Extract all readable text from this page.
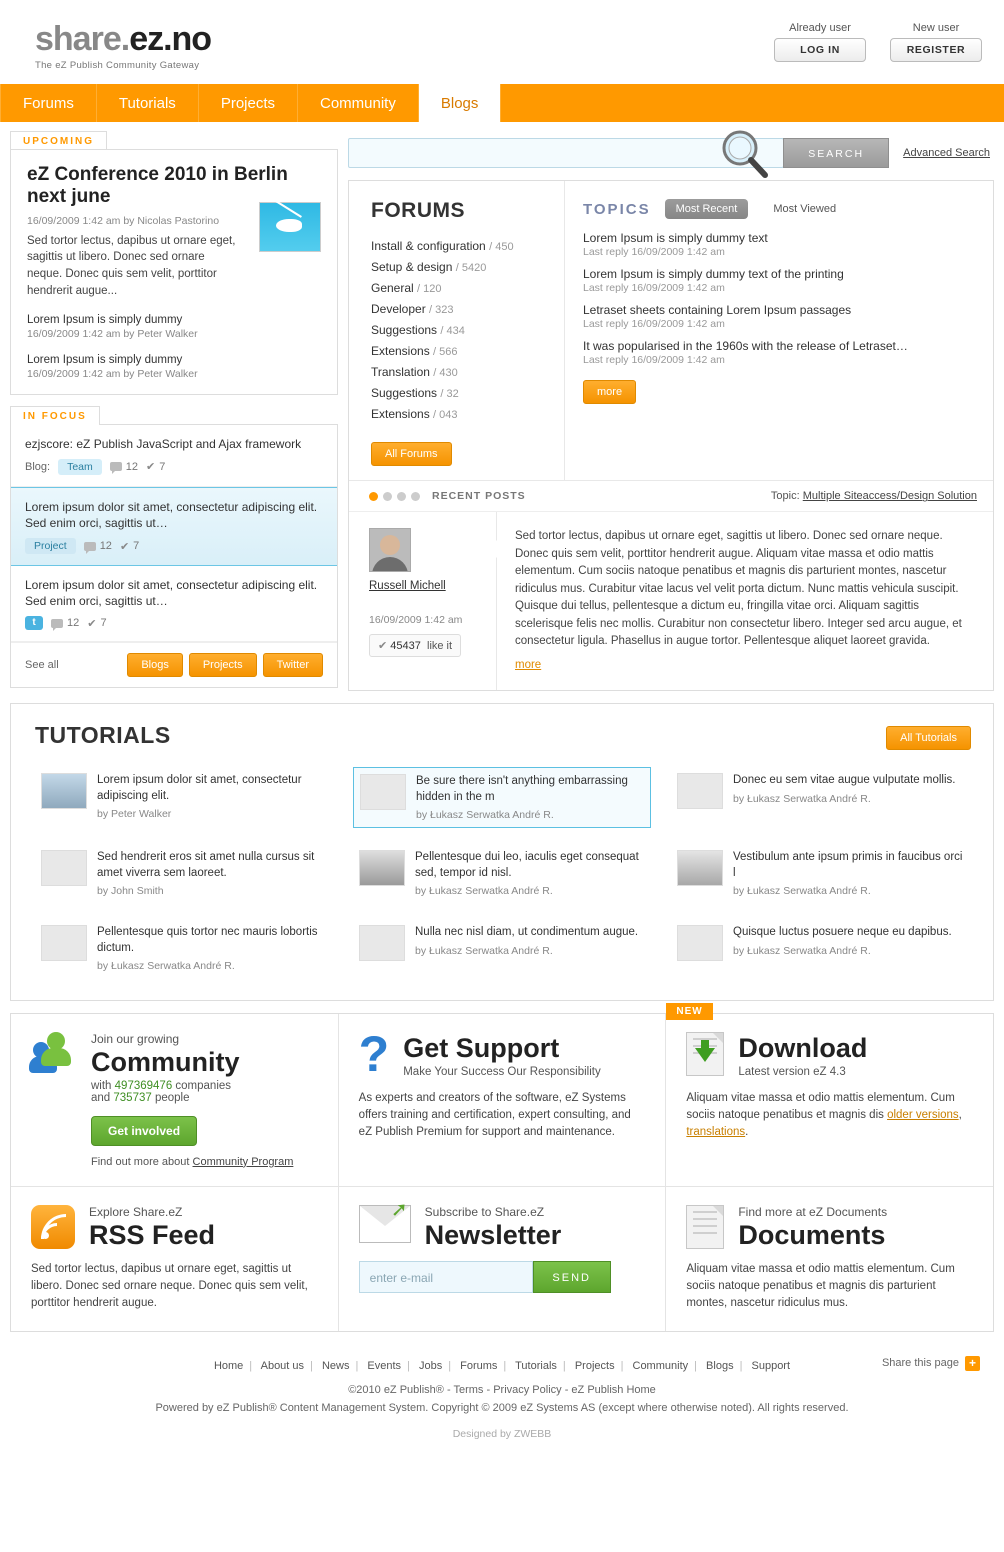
share.ez.no
The eZ Publish Community Gateway
Already user
LOG IN
New user
REGISTER
Forums	Tutorials	Projects	Community	Blogs
UPCOMING
eZ Conference 2010 in Berlin next june
16/09/2009 1:42 am by Nicolas Pastorino

Sed tortor lectus, dapibus ut ornare eget, sagittis ut libero. Donec sed ornare neque. Donec quis sem velit, porttitor hendrerit augue...

Lorem Ipsum is simply dummy
16/09/2009 1:42 am by Peter Walker
Lorem Ipsum is simply dummy
16/09/2009 1:42 am by Peter Walker
IN FOCUS
ezjscore: eZ Publish JavaScript and Ajax framework
Blog:	Team	12 ✔ 7
Lorem ipsum dolor sit amet, consectetur adipiscing elit. Sed enim orci, sagittis ut…
Project	12 ✔ 7
Lorem ipsum dolor sit amet, consectetur adipiscing elit. Sed enim orci, sagittis ut…
t	12 ✔ 7
See all	Blogs	Projects	Twitter
SEARCH	Advanced Search
FORUMS
Install & configuration / 450
Setup & design / 5420
General / 120
Developer / 323
Suggestions / 434
Extensions / 566
Translation / 430
Suggestions / 32
Extensions / 043
All Forums
TOPICS	Most Recent	Most Viewed
Lorem Ipsum is simply dummy text
Last reply 16/09/2009 1:42 am
Lorem Ipsum is simply dummy text of the printing
Last reply 16/09/2009 1:42 am
Letraset sheets containing Lorem Ipsum passages
Last reply 16/09/2009 1:42 am
It was popularised in the 1960s with the release of Letraset…
Last reply 16/09/2009 1:42 am
more
RECENT POSTS	Topic: Multiple Siteaccess/Design Solution
Russell Michell
16/09/2009 1:42 am
✔ 45437 like it
Sed tortor lectus, dapibus ut ornare eget, sagittis ut libero. Donec sed ornare neque. Donec quis sem velit, porttitor hendrerit augue. Aliquam vitae massa et odio mattis elementum. Cum sociis natoque penatibus et magnis dis parturient montes, nascetur ridiculus mus. Curabitur vitae lacus vel velit porta dictum. Nunc mattis vehicula suscipit. Quisque dui tellus, pellentesque a dictum eu, fringilla vitae orci. Aliquam sagittis scelerisque felis nec mollis. Curabitur non consectetur libero. Integer sed arcu augue, et consectetur ligula. Phasellus in augue tortor. Pellentesque aliquet laoreet gravida.
more
TUTORIALS	All Tutorials
Lorem ipsum dolor sit amet, consectetur adipiscing elit.
by Peter Walker
Be sure there isn't anything embarrassing hidden in the m
by Łukasz Serwatka André R.
Donec eu sem vitae augue vulputate mollis.
by Łukasz Serwatka André R.
Sed hendrerit eros sit amet nulla cursus sit amet viverra sem laoreet.
by John Smith
Pellentesque dui leo, iaculis eget consequat sed, tempor id nisl.
by Łukasz Serwatka André R.
Vestibulum ante ipsum primis in faucibus orci l
by Łukasz Serwatka André R.
Pellentesque quis tortor nec mauris lobortis dictum.
by Łukasz Serwatka André R.
Nulla nec nisl diam, ut condimentum augue.
by Łukasz Serwatka André R.
Quisque luctus posuere neque eu dapibus.
by Łukasz Serwatka André R.
Join our growing
Community
with 497369476 companies
and 735737 people
Get involved
Find out more about Community Program
? Get Support
Make Your Success Our Responsibility
As experts and creators of the software, eZ Systems offers training and certification, expert consulting, and eZ Publish Premium for support and maintenance.
NEW
Download
Latest version eZ 4.3
Aliquam vitae massa et odio mattis elementum. Cum sociis natoque penatibus et magnis dis older versions, translations.
Explore Share.eZ
RSS Feed
Sed tortor lectus, dapibus ut ornare eget, sagittis ut libero. Donec sed ornare neque. Donec quis sem velit, porttitor hendrerit augue.
➚ Subscribe to Share.eZ
Newsletter
enter e-mail	SEND
Find more at eZ Documents
Documents
Aliquam vitae massa et odio mattis elementum. Cum sociis natoque penatibus et magnis dis parturient montes, nascetur ridiculus mus.
Home | About us | News | Events | Jobs | Forums | Tutorials | Projects | Community | Blogs | Support	Share this page +
©2010 eZ Publish® - Terms - Privacy Policy - eZ Publish Home
Powered by eZ Publish® Content Management System. Copyright © 2009 eZ Systems AS (except where otherwise noted). All rights reserved.
Designed by ZWEBB
